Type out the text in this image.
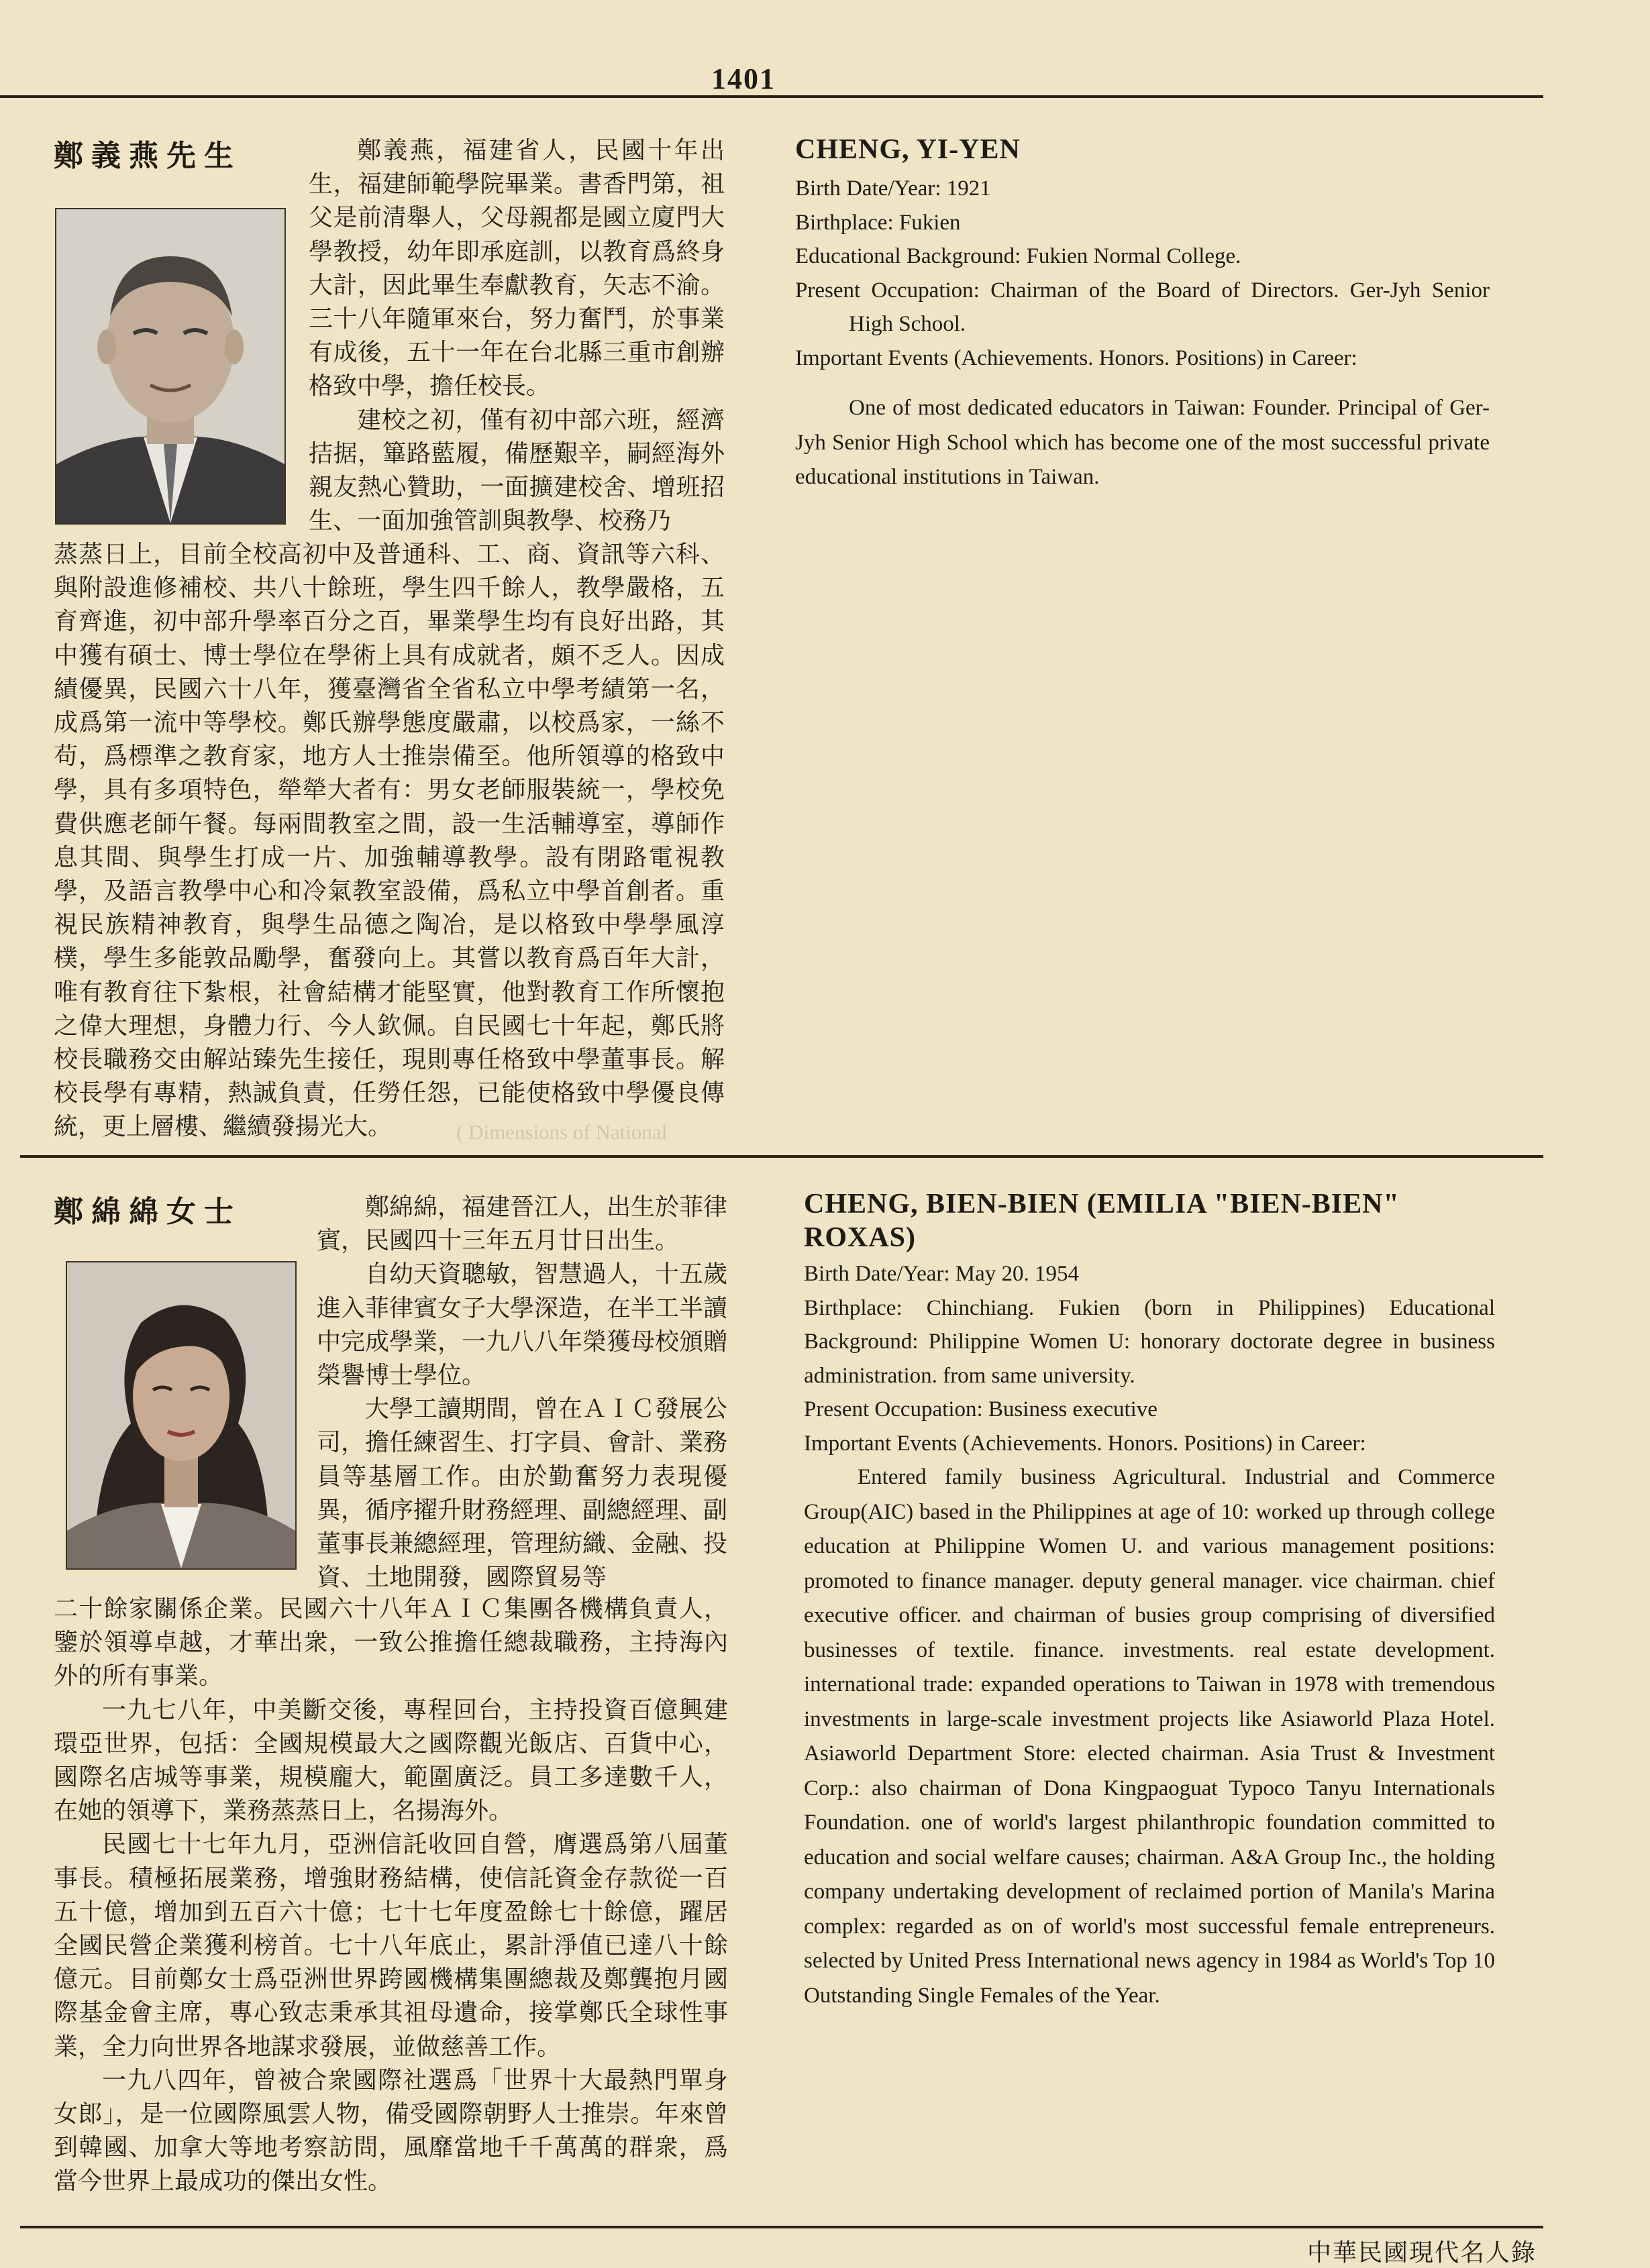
1401
鄭義燕先生	鄭義燕，福建省人，民國十年出生，福建師範學院畢業。書香門第，祖父是前清舉人，父母親都是國立廈門大學教授，幼年即承庭訓，以教育爲終身大計，因此畢生奉獻教育，矢志不渝。三十八年隨軍來台，努力奮鬥，於事業有成後，五十一年在台北縣三重市創辦格致中學，擔任校長。

建校之初，僅有初中部六班，經濟拮据，篳路藍履，備歷艱辛，嗣經海外親友熱心贊助，一面擴建校舍、增班招生、一面加強管訓與教學、校務乃

蒸蒸日上，目前全校高初中及普通科、工、商、資訊等六科、與附設進修補校、共八十餘班，學生四千餘人，教學嚴格，五育齊進，初中部升學率百分之百，畢業學生均有良好出路，其中獲有碩士、博士學位在學術上具有成就者，頗不乏人。因成績優異，民國六十八年，獲臺灣省全省私立中學考績第一名，成爲第一流中等學校。鄭氏辦學態度嚴肅，以校爲家，一絲不苟，爲標準之教育家，地方人士推崇備至。他所領導的格致中學，具有多項特色，犖犖大者有：男女老師服裝統一，學校免費供應老師午餐。每兩間教室之間，設一生活輔導室，導師作息其間、與學生打成一片、加強輔導教學。設有閉路電視教學，及語言教學中心和冷氣教室設備，爲私立中學首創者。重視民族精神教育，與學生品德之陶冶，是以格致中學學風淳樸，學生多能敦品勵學，奮發向上。其嘗以教育爲百年大計，唯有教育往下紮根，社會結構才能堅實，他對教育工作所懷抱之偉大理想，身體力行、今人欽佩。自民國七十年起，鄭氏將校長職務交由解站臻先生接任，現則專任格致中學董事長。解校長學有專精，熱誠負責，任勞任怨，已能使格致中學優良傳統，更上層樓、繼續發揚光大。

CHENG, YI-YEN

Birth Date/Year: 1921

Birthplace: Fukien

Educational Background: Fukien Normal College.

Present Occupation: Chairman of the Board of Directors. Ger-Jyh Senior High School.

Important Events (Achievements. Honors. Positions) in Career:

One of most dedicated educators in Taiwan: Founder. Principal of Ger-Jyh Senior High School which has become one of the most successful private educational institutions in Taiwan.

( Dimensions of National
鄭綿綿女士	鄭綿綿，福建晉江人，出生於菲律賓，民國四十三年五月廿日出生。

自幼天資聰敏，智慧過人，十五歲進入菲律賓女子大學深造，在半工半讀中完成學業，一九八八年榮獲母校頒贈榮譽博士學位。

大學工讀期間，曾在ＡＩＣ發展公司，擔任練習生、打字員、會計、業務員等基層工作。由於勤奮努力表現優異，循序擢升財務經理、副總經理、副董事長兼總經理，管理紡織、金融、投資、土地開發，國際貿易等

二十餘家關係企業。民國六十八年ＡＩＣ集團各機構負責人，鑒於領導卓越，才華出衆，一致公推擔任總裁職務，主持海內外的所有事業。

一九七八年，中美斷交後，專程回台，主持投資百億興建環亞世界，包括：全國規模最大之國際觀光飯店、百貨中心，國際名店城等事業，規模龐大，範圍廣泛。員工多達數千人，在她的領導下，業務蒸蒸日上，名揚海外。

民國七十七年九月，亞洲信託收回自營，膺選爲第八屆董事長。積極拓展業務，增強財務結構，使信託資金存款從一百五十億，增加到五百六十億；七十七年度盈餘七十餘億，躍居全國民營企業獲利榜首。七十八年底止，累計淨值已達八十餘億元。目前鄭女士爲亞洲世界跨國機構集團總裁及鄭龔抱月國際基金會主席，專心致志秉承其祖母遺命，接掌鄭氏全球性事業，全力向世界各地謀求發展，並做慈善工作。

一九八四年，曾被合衆國際社選爲「世界十大最熱門單身女郎」，是一位國際風雲人物，備受國際朝野人士推崇。年來曾到韓國、加拿大等地考察訪問，風靡當地千千萬萬的群衆，爲當今世界上最成功的傑出女性。

CHENG, BIEN-BIEN (EMILIA "BIEN-BIEN" ROXAS)

Birth Date/Year: May 20. 1954

Birthplace: Chinchiang. Fukien (born in Philippines) Educational Background: Philippine Women U: honorary doctorate degree in business administration. from same university.

Present Occupation: Business executive

Important Events (Achievements. Honors. Positions) in Career:

Entered family business Agricultural. Industrial and Commerce Group(AIC) based in the Philippines at age of 10: worked up through college education at Philippine Women U. and various management positions: promoted to finance manager. deputy general manager. vice chairman. chief executive officer. and chairman of busies group comprising of diversified businesses of textile. finance. investments. real estate development. international trade: expanded operations to Taiwan in 1978 with tremendous investments in large-scale investment projects like Asiaworld Plaza Hotel. Asiaworld Department Store: elected chairman. Asia Trust & Investment Corp.: also chairman of Dona Kingpaoguat Typoco Tanyu Internationals Foundation. one of world's largest philanthropic foundation committed to education and social welfare causes; chairman. A&A Group Inc., the holding company undertaking development of reclaimed portion of Manila's Marina complex: regarded as on of world's most successful female entrepreneurs. selected by United Press International news agency in 1984 as World's Top 10 Outstanding Single Females of the Year.

中華民國現代名人錄
